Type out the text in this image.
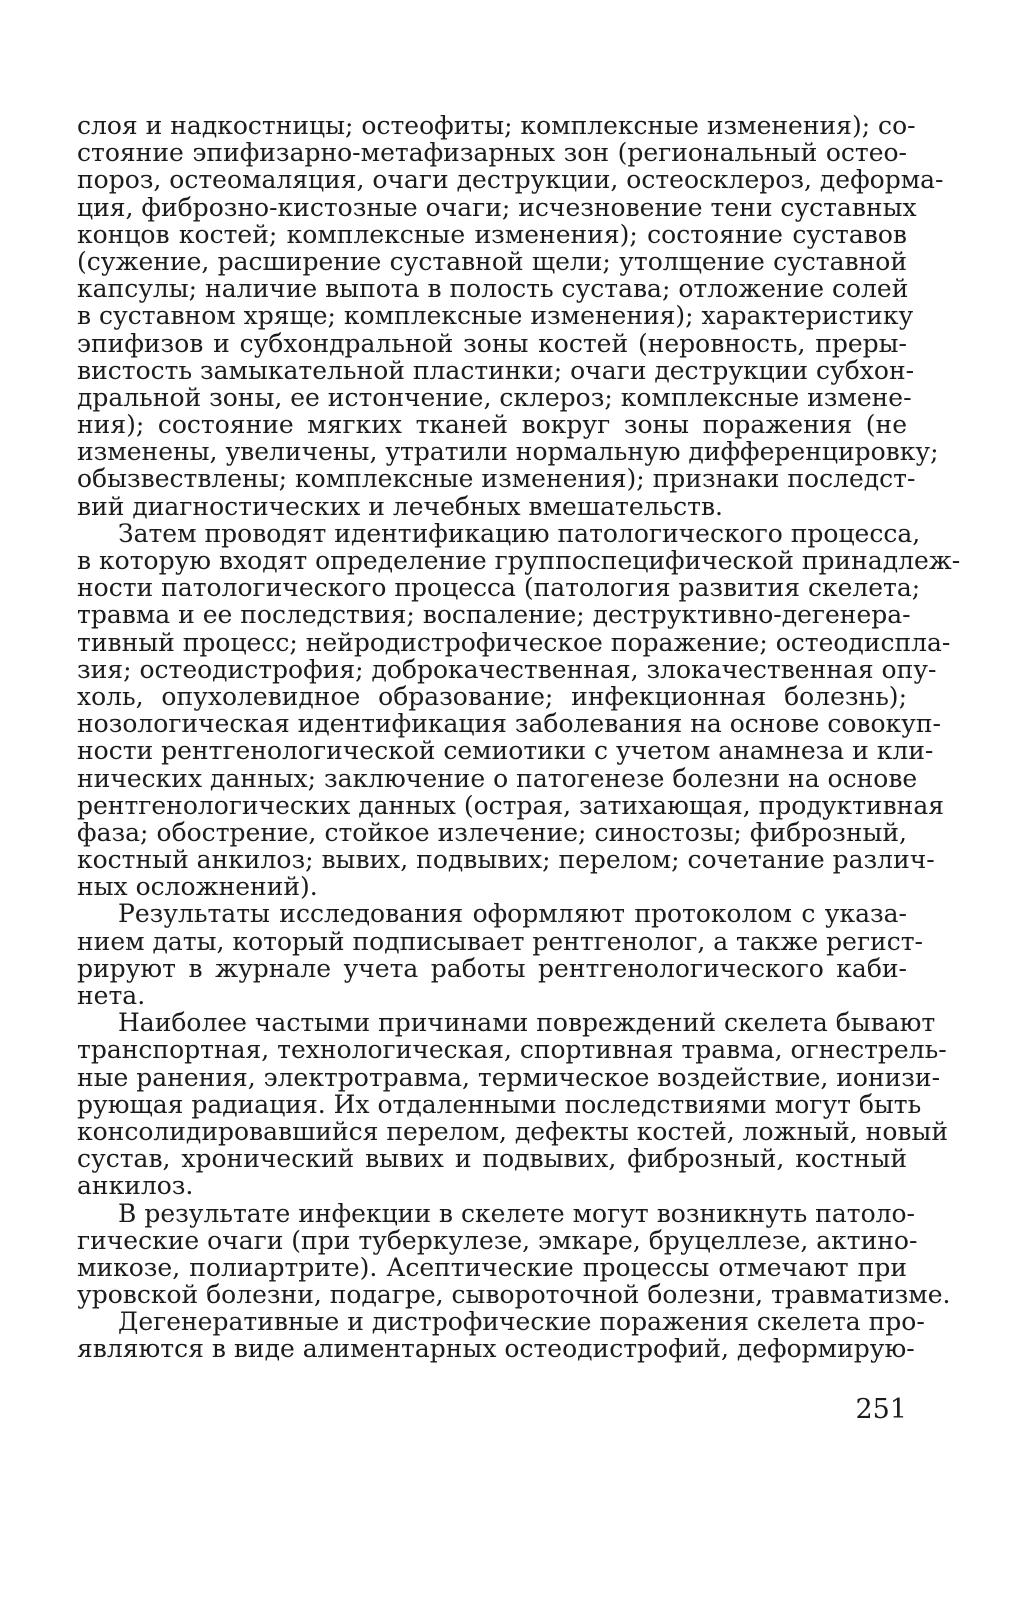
слоя и надкостницы; остеофиты; комплексные изменения); со-
стояние эпифизарно-метафизарных зон (региональный остео-
пороз, остеомаляция, очаги деструкции, остеосклероз, деформа-
ция, фиброзно-кистозные очаги; исчезновение тени суставных
концов костей; комплексные изменения); состояние суставов
(сужение, расширение суставной щели; утолщение суставной
капсулы; наличие выпота в полость сустава; отложение солей
в суставном хряще; комплексные изменения); характеристику
эпифизов и субхондральной зоны костей (неровность, преры-
вистость замыкательной пластинки; очаги деструкции субхон-
дральной зоны, ее истончение, склероз; комплексные измене-
ния); состояние мягких тканей вокруг зоны поражения (не
изменены, увеличены, утратили нормальную дифференцировку;
обызвествлены; комплексные изменения); признаки последст-
вий диагностических и лечебных вмешательств.
Затем проводят идентификацию патологического процесса,
в которую входят определение группоспецифической принадлеж-
ности патологического процесса (патология развития скелета;
травма и ее последствия; воспаление; деструктивно-дегенера-
тивный процесс; нейродистрофическое поражение; остеодиспла-
зия; остеодистрофия; доброкачественная, злокачественная опу-
холь, опухолевидное образование; инфекционная болезнь);
нозологическая идентификация заболевания на основе совокуп-
ности рентгенологической семиотики с учетом анамнеза и кли-
нических данных; заключение о патогенезе болезни на основе
рентгенологических данных (острая, затихающая, продуктивная
фаза; обострение, стойкое излечение; синостозы; фиброзный,
костный анкилоз; вывих, подвывих; перелом; сочетание различ-
ных осложнений).
Результаты исследования оформляют протоколом с указа-
нием даты, который подписывает рентгенолог, а также регист-
рируют в журнале учета работы рентгенологического каби-
нета.
Наиболее частыми причинами повреждений скелета бывают
транспортная, технологическая, спортивная травма, огнестрель-
ные ранения, электротравма, термическое воздействие, ионизи-
рующая радиация. Их отдаленными последствиями могут быть
консолидировавшийся перелом, дефекты костей, ложный, новый
сустав, хронический вывих и подвывих, фиброзный, костный
анкилоз.
В результате инфекции в скелете могут возникнуть патоло-
гические очаги (при туберкулезе, эмкаре, бруцеллезе, актино-
микозе, полиартрите). Асептические процессы отмечают при
уровской болезни, подагре, сывороточной болезни, травматизме.
Дегенеративные и дистрофические поражения скелета про-
являются в виде алиментарных остеодистрофий, деформирую-
251
